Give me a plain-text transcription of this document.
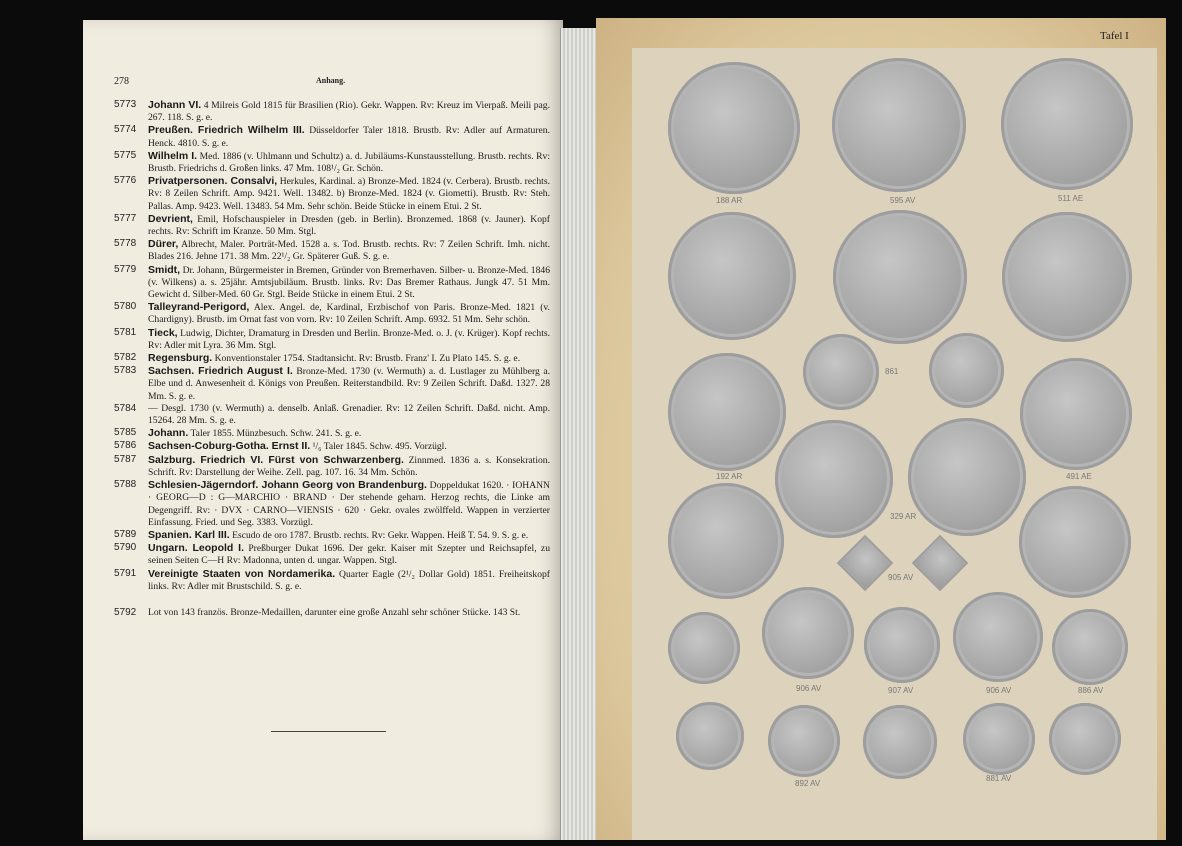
278	Anhang.
5773 Johann VI. 4 Milreis Gold 1815 für Brasilien (Rio). Gekr. Wappen. Rv: Kreuz im Vierpaß. Meili pag. 267. 118. S. g. e.
5774 Preußen. Friedrich Wilhelm III. Düsseldorfer Taler 1818. Brustb. Rv: Adler auf Armaturen. Henck. 4810. S. g. e.
5775 Wilhelm I. Med. 1886 (v. Uhlmann und Schultz) a. d. Jubiläums-Kunstausstellung. Brustb. rechts. Rv: Brustb. Friedrichs d. Großen links. 47 Mm. 108¹/₂ Gr. Schön.
5776 Privatpersonen. Consalvi, Herkules, Kardinal. a) Bronze-Med. 1824 (v. Cerbera). Brustb. rechts. Rv: 8 Zeilen Schrift. Amp. 9421. Well. 13482. b) Bronze-Med. 1824 (v. Giometti). Brustb. Rv: Steh. Pallas. Amp. 9423. Well. 13483. 54 Mm. Sehr schön. Beide Stücke in einem Etui. 2 St.
5777 Devrient, Emil, Hofschauspieler in Dresden (geb. in Berlin). Bronzemed. 1868 (v. Jauner). Kopf rechts. Rv: Schrift im Kranze. 50 Mm. Stgl.
5778 Dürer, Albrecht, Maler. Porträt-Med. 1528 a. s. Tod. Brustb. rechts. Rv: 7 Zeilen Schrift. Imh. nicht. Blades 216. Jehne 171. 38 Mm. 22¹/₂ Gr. Späterer Guß. S. g. e.
5779 Smidt, Dr. Johann, Bürgermeister in Bremen, Gründer von Bremerhaven. Silber- u. Bronze-Med. 1846 (v. Wilkens) a. s. 25jähr. Amtsjubiläum. Brustb. links. Rv: Das Bremer Rathaus. Jungk 47. 51 Mm. Gewicht d. Silber-Med. 60 Gr. Stgl. Beide Stücke in einem Etui. 2 St.
5780 Talleyrand-Perigord, Alex. Angel. de, Kardinal, Erzbischof von Paris. Bronze-Med. 1821 (v. Chardigny). Brustb. im Ornat fast von vorn. Rv: 10 Zeilen Schrift. Amp. 6932. 51 Mm. Sehr schön.
5781 Tieck, Ludwig, Dichter, Dramaturg in Dresden und Berlin. Bronze-Med. o. J. (v. Krüger). Kopf rechts. Rv: Adler mit Lyra. 36 Mm. Stgl.
5782 Regensburg. Konventionstaler 1754. Stadtansicht. Rv: Brustb. Franz' I. Zu Plato 145. S. g. e.
5783 Sachsen. Friedrich August I. Bronze-Med. 1730 (v. Wermuth) a. d. Lustlager zu Mühlberg a. Elbe und d. Anwesenheit d. Königs von Preußen. Reiterstandbild. Rv: 9 Zeilen Schrift. Daßd. 1327. 28 Mm. S. g. e.
5784 — Desgl. 1730 (v. Wermuth) a. denselb. Anlaß. Grenadier. Rv: 12 Zeilen Schrift. Daßd. nicht. Amp. 15264. 28 Mm. S. g. e.
5785 Johann. Taler 1855. Münzbesuch. Schw. 241. S. g. e.
5786 Sachsen-Coburg-Gotha. Ernst II. ¹/₆ Taler 1845. Schw. 495. Vorzügl.
5787 Salzburg. Friedrich VI. Fürst von Schwarzenberg. Zinnmed. 1836 a. s. Konsekration. Schrift. Rv: Darstellung der Weihe. Zell. pag. 107. 16. 34 Mm. Schön.
5788 Schlesien-Jägerndorf. Johann Georg von Brandenburg. Doppeldukat 1620. · IOHANN · GEORG—D : G—MARCHIO · BRAND · Der stehende geharn. Herzog rechts, die Linke am Degengriff. Rv: · DVX · CARNO—VIENSIS · 620 · Gekr. ovales zwölffeld. Wappen in verzierter Einfassung. Fried. und Seg. 3383. Vorzügl.
5789 Spanien. Karl III. Escudo de oro 1787. Brustb. rechts. Rv: Gekr. Wappen. Heiß T. 54. 9. S. g. e.
5790 Ungarn. Leopold I. Preßburger Dukat 1696. Der gekr. Kaiser mit Szepter und Reichsapfel, zu seinen Seiten C—H Rv: Madonna, unten d. ungar. Wappen. Stgl.
5791 Vereinigte Staaten von Nordamerika. Quarter Eagle (2¹/₂ Dollar Gold) 1851. Freiheitskopf links. Rv: Adler mit Brustschild. S. g. e.
5792 Lot von 143 französ. Bronze-Medaillen, darunter eine große Anzahl sehr schöner Stücke. 143 St.
Tafel I
188 AR	595 AV	511 AE
861
192 AR	491 AE
329 AR
905 AV
906 AV	907 AV	906 AV	886 AV
892 AV
881 AV
